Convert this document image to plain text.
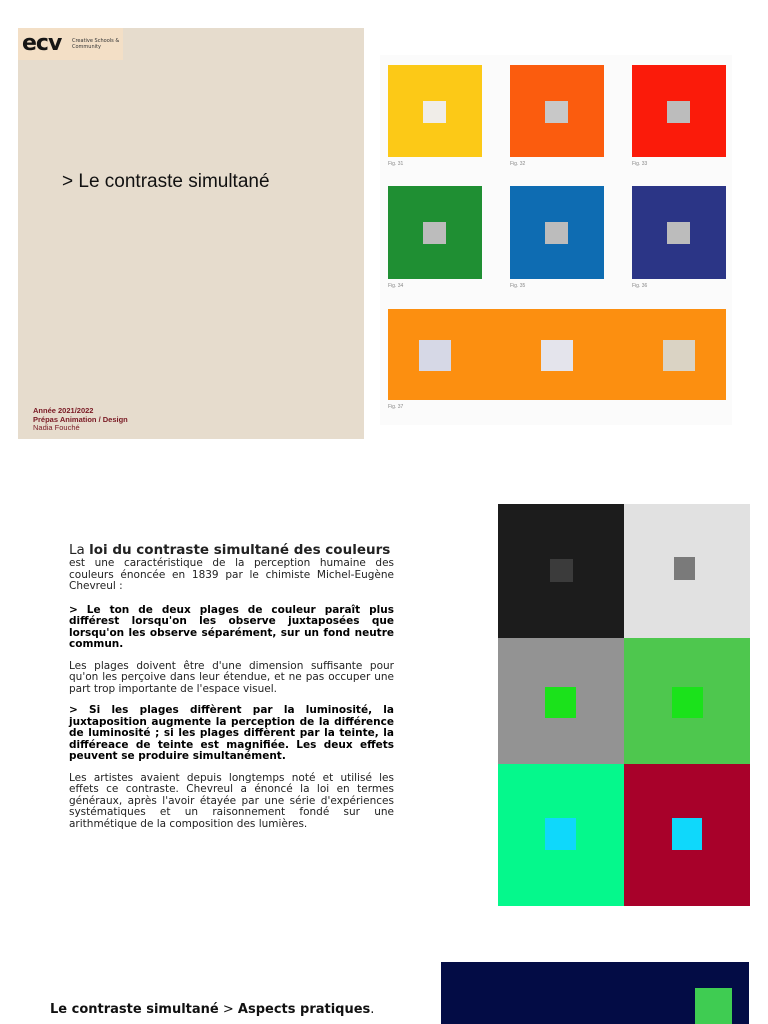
ecv Creative Schools & Community
> Le contraste simultané
Année 2021/2022
Prépas Animation / Design
Nadia Fouché
Fig. 31	Fig. 32	Fig. 33
Fig. 34	Fig. 35	Fig. 36
Fig. 37

La loi du contraste simultané des couleurs
est une caractéristique de la perception humaine des couleurs énoncée en 1839 par le chimiste Michel-Eugène Chevreul :

> Le ton de deux plages de couleur paraît plus différest lorsqu'on les observe juxtaposées que lorsqu'on les observe séparément, sur un fond neutre commun.

Les plages doivent être d'une dimension suffisante pour qu'on les perçoive dans leur étendue, et ne pas occuper une part trop importante de l'espace visuel.

> Si les plages diffèrent par la luminosité, la juxtaposition augmente la perception de la différence de luminosité ; si les plages diffèrent par la teinte, la différeace de teinte est magnifiée. Les deux effets peuvent se produire simultanément.

Les artistes avaient depuis longtemps noté et utilisé les effets ce contraste. Chevreul a énoncé la loi en termes généraux, après l'avoir étayée par une série d'expériences systématiques et un raisonnement fondé sur une arithmétique de la composition des lumières.

Le contraste simultané > Aspects pratiques.
